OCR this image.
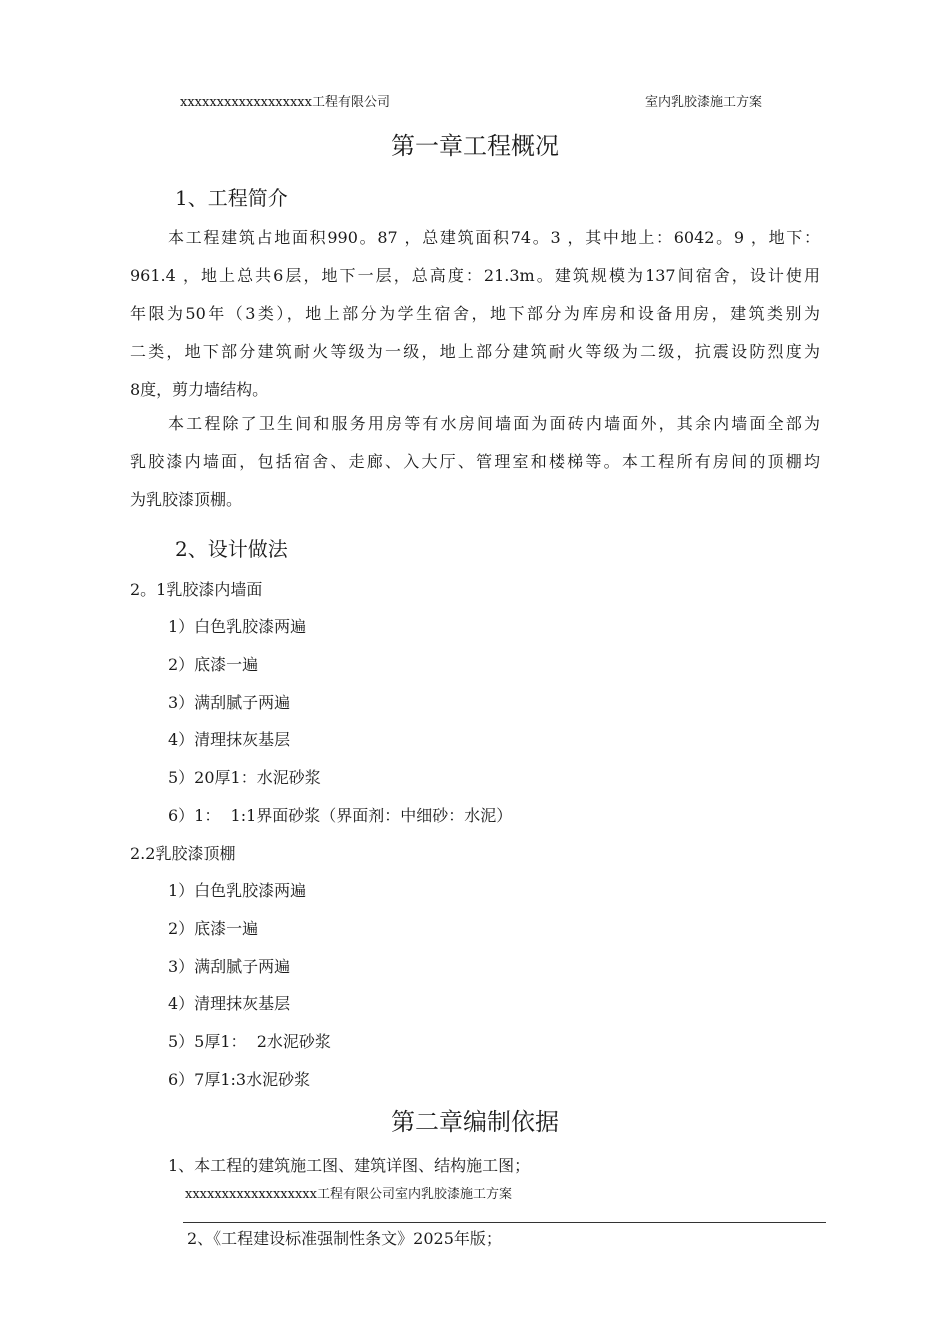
xxxxxxxxxxxxxxxxxx工程有限公司	室内乳胶漆施工方案
第一章工程概况
1、工程简介
本工程建筑占地面积990。87 ，总建筑面积74。3 ，其中地上：6042。9 ，地下：
961.4 ，地上总共6层，地下一层，总高度：21.3m。建筑规模为137间宿舍，设计使用
年限为50年（3类），地上部分为学生宿舍，地下部分为库房和设备用房，建筑类别为
二类，地下部分建筑耐火等级为一级，地上部分建筑耐火等级为二级，抗震设防烈度为
8度，剪力墙结构。
本工程除了卫生间和服务用房等有水房间墙面为面砖内墙面外，其余内墙面全部为
乳胶漆内墙面，包括宿舍、走廊、入大厅、管理室和楼梯等。本工程所有房间的顶棚均
为乳胶漆顶棚。
2、设计做法
2。1乳胶漆内墙面
1）白色乳胶漆两遍
2）底漆一遍
3）满刮腻子两遍
4）清理抹灰基层
5）20厚1：水泥砂浆
6）1：  1:1界面砂浆（界面剂：中细砂：水泥）
2.2乳胶漆顶棚
1）白色乳胶漆两遍
2）底漆一遍
3）满刮腻子两遍
4）清理抹灰基层
5）5厚1：  2水泥砂浆
6）7厚1:3水泥砂浆
第二章编制依据
1、本工程的建筑施工图、建筑详图、结构施工图；
xxxxxxxxxxxxxxxxxx工程有限公司室内乳胶漆施工方案
2、《工程建设标准强制性条文》2025年版；
